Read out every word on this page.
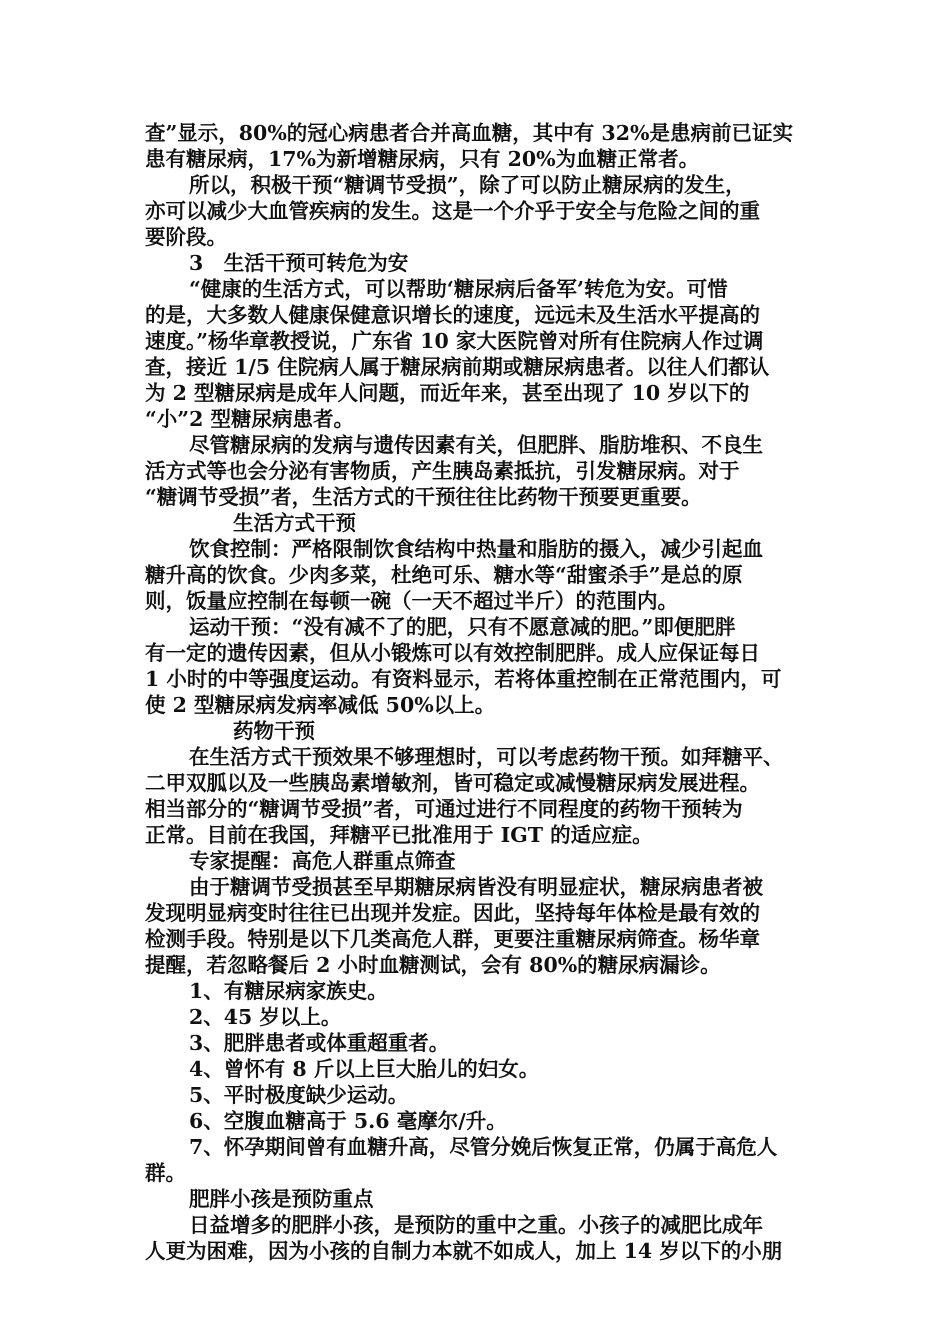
查”显示，80%的冠心病患者合并高血糖，其中有 32%是患病前已证实
患有糖尿病，17%为新增糖尿病，只有 20%为血糖正常者。
所以，积极干预“糖调节受损”，除了可以防止糖尿病的发生，
亦可以减少大血管疾病的发生。这是一个介乎于安全与危险之间的重
要阶段。
3　生活干预可转危为安
“健康的生活方式，可以帮助‘糖尿病后备军’转危为安。可惜
的是，大多数人健康保健意识增长的速度，远远未及生活水平提高的
速度。”杨华章教授说，广东省 10 家大医院曾对所有住院病人作过调
查，接近 1/5 住院病人属于糖尿病前期或糖尿病患者。以往人们都认
为 2 型糖尿病是成年人问题，而近年来，甚至出现了 10 岁以下的
“小”2 型糖尿病患者。
尽管糖尿病的发病与遗传因素有关，但肥胖、脂肪堆积、不良生
活方式等也会分泌有害物质，产生胰岛素抵抗，引发糖尿病。对于
“糖调节受损”者，生活方式的干预往往比药物干预要更重要。
生活方式干预
饮食控制：严格限制饮食结构中热量和脂肪的摄入，减少引起血
糖升高的饮食。少肉多菜，杜绝可乐、糖水等“甜蜜杀手”是总的原
则，饭量应控制在每顿一碗（一天不超过半斤）的范围内。
运动干预：“没有减不了的肥，只有不愿意减的肥。”即便肥胖
有一定的遗传因素，但从小锻炼可以有效控制肥胖。成人应保证每日
1 小时的中等强度运动。有资料显示，若将体重控制在正常范围内，可
使 2 型糖尿病发病率减低 50%以上。
药物干预
在生活方式干预效果不够理想时，可以考虑药物干预。如拜糖平、
二甲双胍以及一些胰岛素增敏剂，皆可稳定或减慢糖尿病发展进程。
相当部分的“糖调节受损”者，可通过进行不同程度的药物干预转为
正常。目前在我国，拜糖平已批准用于 IGT 的适应症。
专家提醒：高危人群重点筛查
由于糖调节受损甚至早期糖尿病皆没有明显症状，糖尿病患者被
发现明显病变时往往已出现并发症。因此，坚持每年体检是最有效的
检测手段。特别是以下几类高危人群，更要注重糖尿病筛查。杨华章
提醒，若忽略餐后 2 小时血糖测试，会有 80%的糖尿病漏诊。
1、有糖尿病家族史。
2、45 岁以上。
3、肥胖患者或体重超重者。
4、曾怀有 8 斤以上巨大胎儿的妇女。
5、平时极度缺少运动。
6、空腹血糖高于 5.6 毫摩尔/升。
7、怀孕期间曾有血糖升高，尽管分娩后恢复正常，仍属于高危人
群。
肥胖小孩是预防重点
日益增多的肥胖小孩，是预防的重中之重。小孩子的减肥比成年
人更为困难，因为小孩的自制力本就不如成人，加上 14 岁以下的小朋
